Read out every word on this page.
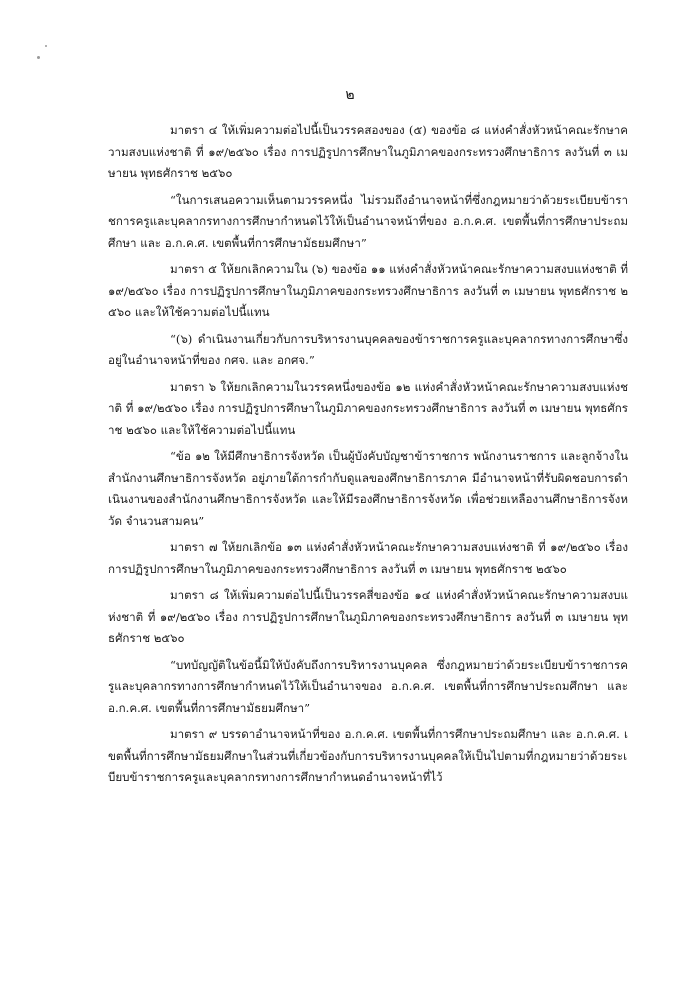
๒

มาตรา ๔ ให้เพิ่มความต่อไปนี้เป็นวรรคสองของ (๕) ของข้อ ๘ แห่งคำสั่งหัวหน้าคณะรักษาความสงบแห่งชาติ ที่ ๑๙/๒๕๖๐ เรื่อง การปฏิรูปการศึกษาในภูมิภาคของกระทรวงศึกษาธิการ ลงวันที่ ๓ เมษายน พุทธศักราช ๒๕๖๐

“ในการเสนอความเห็นตามวรรคหนึ่ง ไม่รวมถึงอำนาจหน้าที่ซึ่งกฎหมายว่าด้วยระเบียบข้าราชการครูและบุคลากรทางการศึกษากำหนดไว้ให้เป็นอำนาจหน้าที่ของ อ.ก.ค.ศ. เขตพื้นที่การศึกษาประถมศึกษา และ อ.ก.ค.ศ. เขตพื้นที่การศึกษามัธยมศึกษา”

มาตรา ๕ ให้ยกเลิกความใน (๖) ของข้อ ๑๑ แห่งคำสั่งหัวหน้าคณะรักษาความสงบแห่งชาติ ที่ ๑๙/๒๕๖๐ เรื่อง การปฏิรูปการศึกษาในภูมิภาคของกระทรวงศึกษาธิการ ลงวันที่ ๓ เมษายน พุทธศักราช ๒๕๖๐ และให้ใช้ความต่อไปนี้แทน

“(๖) ดำเนินงานเกี่ยวกับการบริหารงานบุคคลของข้าราชการครูและบุคลากรทางการศึกษาซึ่งอยู่ในอำนาจหน้าที่ของ กศจ. และ อกศจ.”

มาตรา ๖ ให้ยกเลิกความในวรรคหนึ่งของข้อ ๑๒ แห่งคำสั่งหัวหน้าคณะรักษาความสงบแห่งชาติ ที่ ๑๙/๒๕๖๐ เรื่อง การปฏิรูปการศึกษาในภูมิภาคของกระทรวงศึกษาธิการ ลงวันที่ ๓ เมษายน พุทธศักราช ๒๕๖๐ และให้ใช้ความต่อไปนี้แทน

“ข้อ ๑๒ ให้มีศึกษาธิการจังหวัด เป็นผู้บังคับบัญชาข้าราชการ พนักงานราชการ และลูกจ้างในสำนักงานศึกษาธิการจังหวัด อยู่ภายใต้การกำกับดูแลของศึกษาธิการภาค มีอำนาจหน้าที่รับผิดชอบการดำเนินงานของสำนักงานศึกษาธิการจังหวัด และให้มีรองศึกษาธิการจังหวัด เพื่อช่วยเหลืองานศึกษาธิการจังหวัด จำนวนสามคน”

มาตรา ๗ ให้ยกเลิกข้อ ๑๓ แห่งคำสั่งหัวหน้าคณะรักษาความสงบแห่งชาติ ที่ ๑๙/๒๕๖๐ เรื่อง การปฏิรูปการศึกษาในภูมิภาคของกระทรวงศึกษาธิการ ลงวันที่ ๓ เมษายน พุทธศักราช ๒๕๖๐

มาตรา ๘ ให้เพิ่มความต่อไปนี้เป็นวรรคสี่ของข้อ ๑๔ แห่งคำสั่งหัวหน้าคณะรักษาความสงบแห่งชาติ ที่ ๑๙/๒๕๖๐ เรื่อง การปฏิรูปการศึกษาในภูมิภาคของกระทรวงศึกษาธิการ ลงวันที่ ๓ เมษายน พุทธศักราช ๒๕๖๐

“บทบัญญัติในข้อนี้มิให้บังคับถึงการบริหารงานบุคคล ซึ่งกฎหมายว่าด้วยระเบียบข้าราชการครูและบุคลากรทางการศึกษากำหนดไว้ให้เป็นอำนาจของ อ.ก.ค.ศ. เขตพื้นที่การศึกษาประถมศึกษา และ อ.ก.ค.ศ. เขตพื้นที่การศึกษามัธยมศึกษา”

มาตรา ๙ บรรดาอำนาจหน้าที่ของ อ.ก.ค.ศ. เขตพื้นที่การศึกษาประถมศึกษา และ อ.ก.ค.ศ. เขตพื้นที่การศึกษามัธยมศึกษาในส่วนที่เกี่ยวข้องกับการบริหารงานบุคคลให้เป็นไปตามที่กฎหมายว่าด้วยระเบียบข้าราชการครูและบุคลากรทางการศึกษากำหนดอำนาจหน้าที่ไว้
